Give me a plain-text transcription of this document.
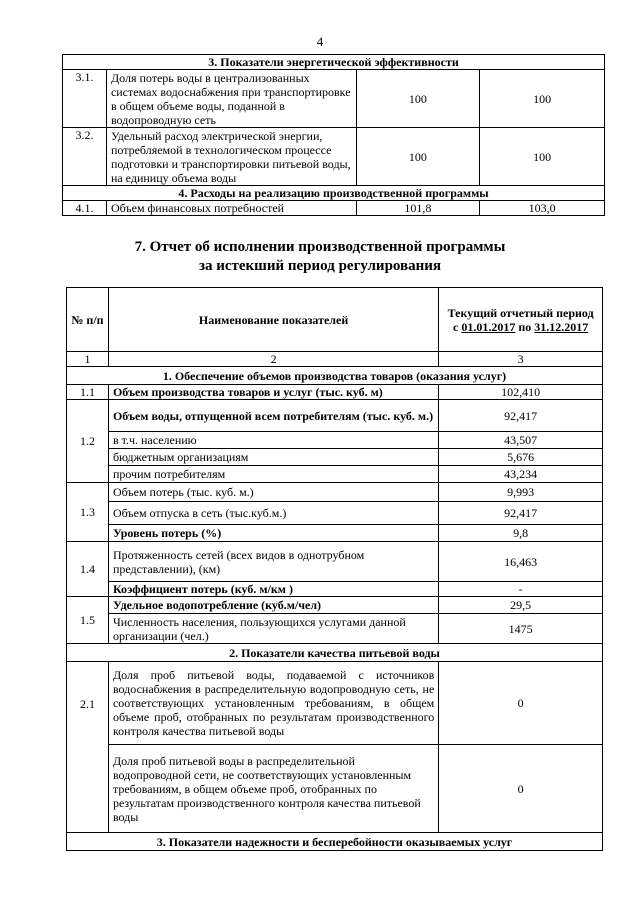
4
3. Показатели энергетической эффективности			
3.1.	Доля потерь воды в централизованных системах водоснабжения при транспортировке в общем объеме воды, поданной в водопроводную сеть	100	100
3.2.	Удельный расход электрической энергии, потребляемой в технологическом процессе подготовки и транспортировки питьевой воды, на единицу объема воды	100	100
4. Расходы на реализацию производственной программы			
4.1.	Объем финансовых потребностей	101,8	103,0
7. Отчет об исполнении производственной программы
за истекший период регулирования
№ п/п	Наименование показателей	Текущий отчетный период
с 01.01.2017 по 31.12.2017

1	2	3
1. Обеспечение объемов производства товаров (оказания услуг)		
1.1	Объем производства товаров и услуг (тыс. куб. м)	102,410
1.2	Объем воды, отпущенной всем потребителям (тыс. куб. м.)	92,417
	в т.ч. населению	43,507
	бюджетным организациям	5,676
	прочим потребителям	43,234
1.3	Объем потерь (тыс. куб. м.)	9,993
	Объем отпуска в сеть (тыс.куб.м.)	92,417
	Уровень потерь (%)	9,8
1.4	Протяженность сетей (всех видов в однотрубном представлении), (км)	16,463
	Коэффициент потерь (куб. м/км )	-
1.5	Удельное водопотребление (куб.м/чел)	29,5
	Численность населения, пользующихся услугами данной организации (чел.)	1475
2. Показатели качества питьевой воды		
2.1	Доля проб питьевой воды, подаваемой с источников водоснабжения в распределительную водопроводную сеть, не соответствующих установленным требованиям, в общем объеме проб, отобранных по результатам производственного контроля качества питьевой воды	0
	Доля проб питьевой воды в распределительной водопроводной сети, не соответствующих установленным требованиям, в общем объеме проб, отобранных по результатам производственного контроля качества питьевой воды	0
3. Показатели надежности и бесперебойности оказываемых услуг		
